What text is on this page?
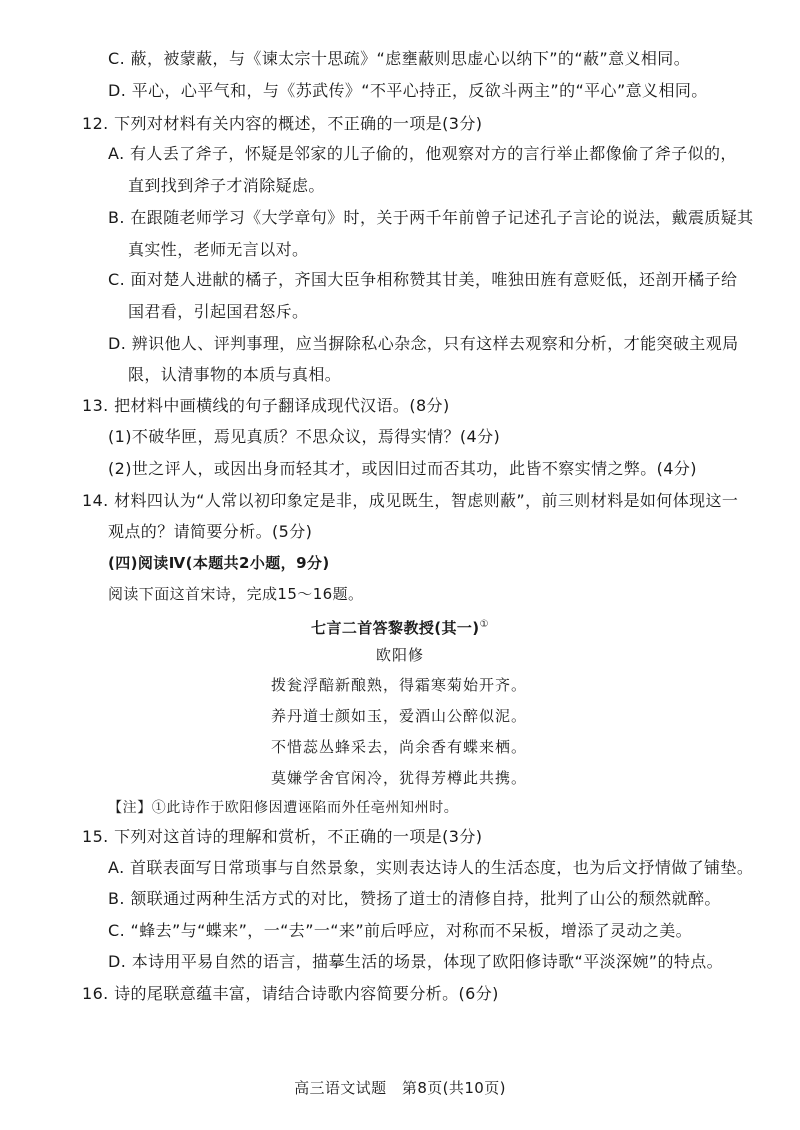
C. 蔽，被蒙蔽，与《谏太宗十思疏》“虑壅蔽则思虚心以纳下”的“蔽”意义相同。
D. 平心，心平气和，与《苏武传》“不平心持正，反欲斗两主”的“平心”意义相同。
12. 下列对材料有关内容的概述，不正确的一项是(3分)
A. 有人丢了斧子，怀疑是邻家的儿子偷的，他观察对方的言行举止都像偷了斧子似的，
直到找到斧子才消除疑虑。
B. 在跟随老师学习《大学章句》时，关于两千年前曾子记述孔子言论的说法，戴震质疑其
真实性，老师无言以对。
C. 面对楚人进献的橘子，齐国大臣争相称赞其甘美，唯独田旌有意贬低，还剖开橘子给
国君看，引起国君怒斥。
D. 辨识他人、评判事理，应当摒除私心杂念，只有这样去观察和分析，才能突破主观局
限，认清事物的本质与真相。
13. 把材料中画横线的句子翻译成现代汉语。(8分)
(1)不破华匣，焉见真质？不思众议，焉得实情？(4分)
(2)世之评人，或因出身而轻其才，或因旧过而否其功，此皆不察实情之弊。(4分)
14. 材料四认为“人常以初印象定是非，成见既生，智虑则蔽”，前三则材料是如何体现这一
观点的？请简要分析。(5分)
(四)阅读Ⅳ(本题共2小题，9分)
阅读下面这首宋诗，完成15～16题。
七言二首答黎教授(其一)①
欧阳修
拨瓮浮醅新酿熟，得霜寒菊始开齐。
养丹道士颜如玉，爱酒山公醉似泥。
不惜蕊丛蜂采去，尚余香有蝶来栖。
莫嫌学舍官闲冷，犹得芳樽此共携。
【注】①此诗作于欧阳修因遭诬陷而外任亳州知州时。
15. 下列对这首诗的理解和赏析，不正确的一项是(3分)
A. 首联表面写日常琐事与自然景象，实则表达诗人的生活态度，也为后文抒情做了铺垫。
B. 颔联通过两种生活方式的对比，赞扬了道士的清修自持，批判了山公的颓然就醉。
C. “蜂去”与“蝶来”，一“去”一“来”前后呼应，对称而不呆板，增添了灵动之美。
D. 本诗用平易自然的语言，描摹生活的场景，体现了欧阳修诗歌“平淡深婉”的特点。
16. 诗的尾联意蕴丰富，请结合诗歌内容简要分析。(6分)
高三语文试题　第8页(共10页)
